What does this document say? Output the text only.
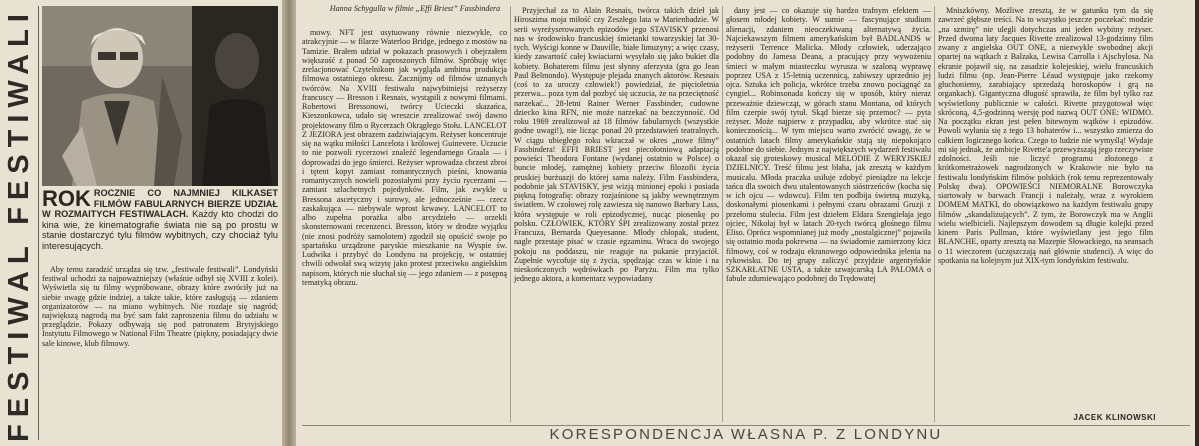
FESTIWAL FESTIWALI ROK ROCZNIE CO NAJMNIEJ KILKASET FILMÓW FABULARNYCH BIERZE UDZIAŁ W ROZMAITYCH FESTIWALACH. Każdy kto chodzi do kina wie, że kinematografie świata nie są po prostu w stanie dostarczyć tylu filmów wybitnych, czy chociaż tylu interesujących.
Aby temu zaradzić urządza się tzw. „festiwale festiwali”. Londyński festiwal uchodzi za najpoważniejszy (właśnie odbył się XVIII z kolei). Wyświetla się tu filmy wypróbowane, obrazy które zwróciły już na siebie uwagę gdzie indziej, a także takie, które zasługują — zdaniem organizatorów — na miano wybitnych. Nie rozdaje się nagród; największą nagrodą ma być sam fakt zaproszenia filmu do udziału w przeglądzie. Pokazy odbywają się pod patronatem Brytyjskiego Instytutu Filmowego w National Film Theatre (piękny, posiadający dwie sale kinowe, klub filmowy.
Hanna Schygulla w filmie „Effi Briest” Fassbindera

mowy. NFT jest usytuowany równie niezwykle, co atrakcyjnie — w filarze Waterloo Bridge, jednego z mostów na Tamizie. Brałem udział w pokazach prasowych i obejrzałem większość z ponad 50 zaproszonych filmów. Spróbuję więc zrelacjonować Czytelnikom jak wygląda ambitna produkcja filmowa ostatniego okresu. Zacznijmy od filmów uznanych twórców. Na XVIII festiwalu najwybitniejsi reżyserzy francuscy — Bresson i Resnais, wystąpili z nowymi filmami. Robertowi Bressonowi, twórcy Ucieczki skazańca, Kieszonkowca, udało się wreszcie zrealizować swój dawno projektowany film o Rycerzach Okrągłego Stołu. LANCELOT Z JEZIORA jest obrazem zadziwiającym. Reżyser koncentruje się na wątku miłości Lancelota i królowej Guinevere. Uczucie to nie pozwoli rycerzowi znaleźć legendarnego Graala — i doprowadzi do jego śmierci. Reżyser wprowadza chrzest zbroi i tętent kopyt zamiast romantycznych pieśni, knowania romantycznych nowieli pozostałymi przy życiu rycerzami — zamiast szlachetnych pojedynków. Film, jak zwykle u Bressona ascetyczny i surowy, ale jednocześnie — rzecz zaskakująca — niebywale wprost krwawy. LANCELOT to albo zupełna porażka albo arcydzieło — orzekli skonsternowani recenzenci. Bresson, który w drodze wyjątku (nie znosi podróży samolotem) zgodził się opuścić swoje po spartańsku urządzone paryskie mieszkanie na Wyspie św. Ludwika i przybyć do Londynu na projekcję, w ostatniej chwili odwołał swą wizytę jako protest przeciwko angielskim napisom, których nie słuchał się — jego zdaniem — z posępną tematyką obrazu.

Przyjechał za to Alain Resnais, twórca takich dzieł jak Hiroszima moja miłość czy Zeszłego lata w Marienbadzie. W serii wyreżyserowanych epizodów jego STAVISKY przenosi nas w środowisko francuskiej śmietanki towarzyskiej lat 30-tych. Wyścigi konne w Dauville, białe limuzyny; a więc czasy, kiedy zawartość całej kwiaciarni wysyłało się jako bukiet dla kobiety. Bohaterem filmu jest słynny aferzysta (gra go Jean Paul Belmondo). Występuje plejada znanych aktorów. Resnais (coś to za uroczy człowiek!) powiedział, że pięcioletnia przerwa... poza tym dał pozbyć się uczucia, że na przeciętność narzekać... 28-letni Rainer Werner Fassbinder, cudowne dziecko kina RFN, nie może narzekać na bezczynność. Od roku 1969 zrealizował aż 18 filmów fabularnych (wszystkie godne uwagi!), nie licząc ponad 20 przedstawień teatralnych. W ciągu ubiegłego roku wkraczał w okres „nowe filmy” Fassbindera! EFFI BRIEST jest piecołotniową adaptacją powieści Theodora Fontane (wydanej ostatnio w Polsce) o buncie młodej, zamężnej kobiety przeciw filozofii życia pruskiej burżuazji do której sama należy. Film Fassbindera, podobnie jak STAVISKY, jest wizją minionej epoki i posiada piękną fotografię: obrazy rozjaśnione są jakby wewnętrznym światłem. W czołowej rolę zawiesza się nanowo Barbary Lass, która występuje w roli epizodycznej, nucąc piosenkę po polsku. CZŁOWIEK, KTÓRY ŚPI zrealizowany został przez Francuza, Bernarda Queyesanne. Młody chłopak, student, nagle przestaje pisać w czasie egzaminu. Wraca do swojego pokoju na poddaszu, nie reaguje na pukanie przyjaciół. Zupełnie wycofuje się z życia, spędzając czas w kinie i na nieskończonych wędrówkach po Paryżu. Film ma tylko jednego aktora, a komentarz wypowiadany

dany jest — co okazuje się bardzo trafnym efektem — głosem młodej kobiety. W sumie — fascynujące studium alienacji, zdaniem nieoczekiwaną alternatywą życia. Najciekawszym filmem amerykańskim był BADLANDS w reżyserii Terrence Malicka. Młody człowiek, uderzająco podobny do Jamesa Deana, a pracujący przy wywożeniu śmieci w małym miasteczku wyrusza w szaloną wyprawę poprzez USA z 15-letnią uczennicą, zabiwszy uprzednio jej ojca. Sztuka ich policja, wkrótce trzeba znowu pociągnąć za cyngiel... Robinsonada kończy się w sposób, który nieraz przeważnie dziewcząt, w górach stanu Montana, od których film czerpie swój tytuł. Skąd bierze się przemoc? — pyta reżyser. Może najpierw z przypadku, aby wkrótce stać się koniecznością... W tym miejscu warto zwrócić uwagę, że w ostatnich latach filmy amerykańskie stają się niepokojąco podobne do siebie. Jednym z największych wydarzeń festiwalu okazał się groteskowy musical MELODIE Z WERYJSKIEJ DZIELNICY. Treść filmu jest błaha, jak zresztą w każdym musicalu. Młoda praczka usiłuje zdobyć pieniądze na lekcje tańca dla swoich dwu utalentowanych sióstrzeńców (kocha się w ich ojcu — wdowcu). Film ten podbija świetną muzyką, doskonałymi piosenkami i pełnymi czaru obrazami Gruzji z przełomu stulecia. Film jest dziełem Eldara Szengiełaja jego ojciec, Nikołaj był w latach 20-tych twórcą głośnego filmu Eliso. Oprócz wspomnianej już mody „nostalgicznej” pojawiła się ostatnio moda pokrewna — na świadomie zamierzony kicz filmowy, coś w rodzaju ekranowego odpowiednika jelenia na rykowisku. Do tej grupy zaliczyć przyjdzie argentyńskie SZKARŁATNE USTA, a także szwajcarską LA PALOMA o fabule zdumiewająco podobnej do Trędowatej

Mniszkówny. Możliwe zresztą, że w gatunku tym da się zawrzeć głębsze treści. Na to wszystko jeszcze poczekać: modzie „na szmirę” nie ulegli dotychczas ani jeden wybitny reżyser. Przed dwoma laty Jacques Rivette zrealizował 13-godzinny film zwany z angielska OUT ONE, a niezwykle swobodnej akcji opartej na wątkach z Balzaka, Lewisa Carrolla i Ajschylosa. Na ekranie pojawił się, na zasadzie kolejeskiej, wielu francuskich ludzi filmu (np. Jean-Pierre Léaud występuje jako rzekomy głuchoniemy, zarabiający sprzedażą horoskopów i grą na organkach). Gigantyczna długość sprawiła, że film był tylko raz wyświetlony publicznie w całości. Rivette przygotował więc skróconą, 4,5-godzinną wersję pod nazwą OUT ONE: WIDMO. Na początku ekran jest pełen bitewnym wątków i epizodów. Powoli wyłania się z tego 13 bohaterów i... wszystko zmierza do całkiem logicznego końca. Czego to ludzie nie wymyślą! Wydaje mi się jednak, że ambicje Rivette'a przewyższają jego rzeczywiste zdolności. Jeśli nie liczyć programu złożonego z krótkometrażowek nagrodzonych w Krakowie nie było na festiwalu londyńskim filmów polskich (rok temu reprezentowały Polskę dwa). OPOWIEŚCI NIEMORALNE Borowczyka siartowały w barwach Francji i należały, wraz z wyrokiem DOMEM MATKI, do obowiązkowo na każdym festiwalu grupy filmów „skandalizujących”. Z tym, że Borowczyk ma w Anglii wielu wielbicieli. Najlepszym dowodem są długie kolejki przed kinem Paris Pullman, które wyświetlany jest jego film BLANCHE, oparty zresztą na Mazepie Słowackiego, na seansach o 11 wieczorem (uczęszczają nań głównie studenci). A więc do spotkania na kolejnym już XIX-tym londyńskim festiwalu.

JACEK KLINOWSKI
KORESPONDENCJA WŁASNA P. Z LONDYNU
